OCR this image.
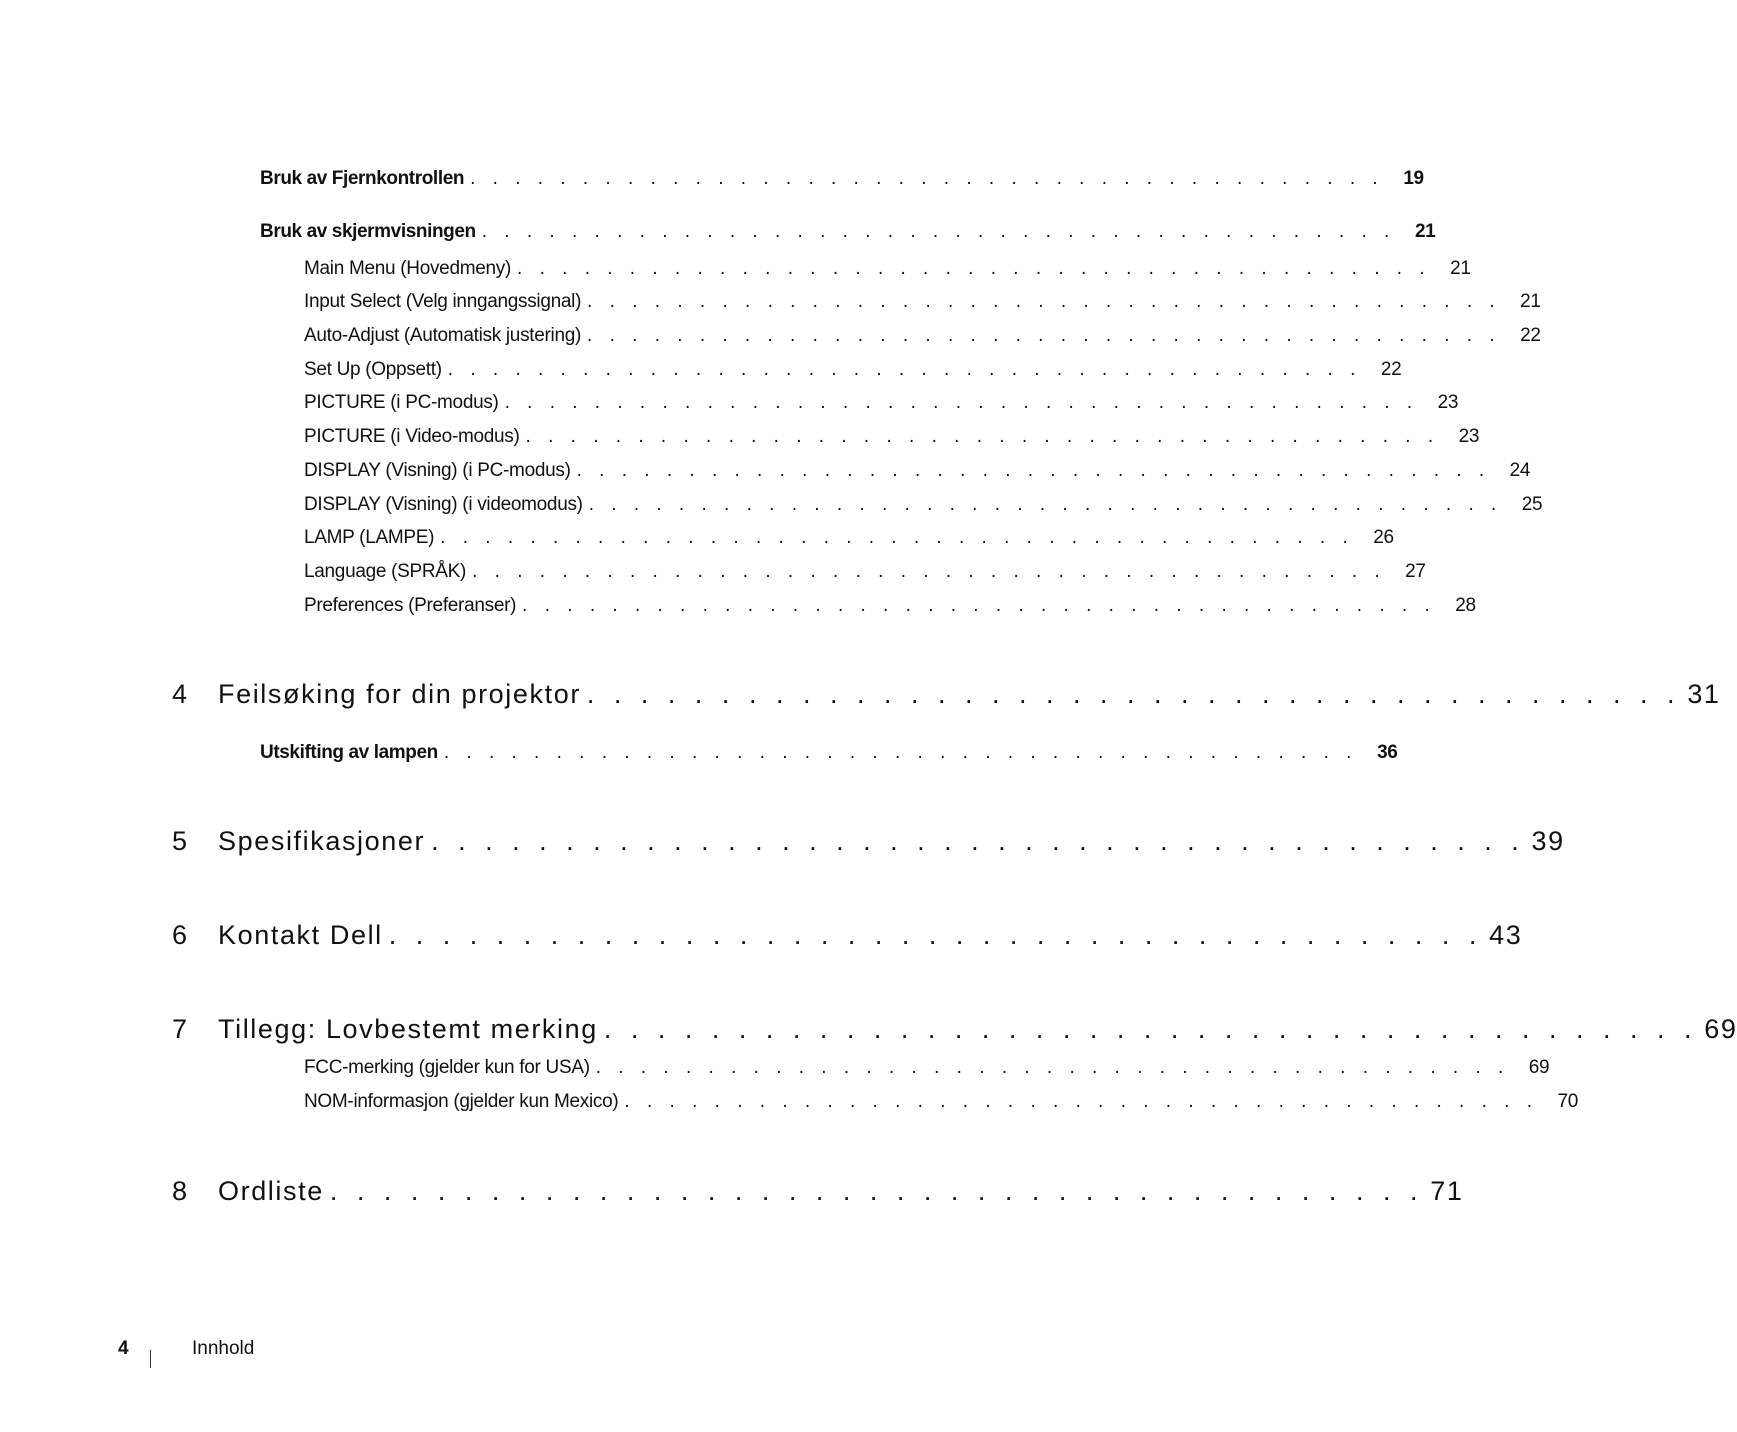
Bruk av Fjernkontrollen . . . . . . . . . . . . . . . . . . . . . . . . . . . . . . . . . . . . . . . . .	19
Bruk av skjermvisningen . . . . . . . . . . . . . . . . . . . . . . . . . . . . . . . . . . . . . . . . .	21
Main Menu (Hovedmeny) . . . . . . . . . . . . . . . . . . . . . . . . . . . . . . . . . . . . . . . . .	21
Input Select (Velg inngangssignal) . . . . . . . . . . . . . . . . . . . . . . . . . . . . . . . . . . . . . . . . .	21
Auto-Adjust (Automatisk justering) . . . . . . . . . . . . . . . . . . . . . . . . . . . . . . . . . . . . . . . . .	22
Set Up (Oppsett) . . . . . . . . . . . . . . . . . . . . . . . . . . . . . . . . . . . . . . . . .	22
PICTURE (i PC-modus) . . . . . . . . . . . . . . . . . . . . . . . . . . . . . . . . . . . . . . . . .	23
PICTURE (i Video-modus) . . . . . . . . . . . . . . . . . . . . . . . . . . . . . . . . . . . . . . . . .	23
DISPLAY (Visning) (i PC-modus) . . . . . . . . . . . . . . . . . . . . . . . . . . . . . . . . . . . . . . . . .	24
DISPLAY (Visning) (i videomodus) . . . . . . . . . . . . . . . . . . . . . . . . . . . . . . . . . . . . . . . . .	25
LAMP (LAMPE) . . . . . . . . . . . . . . . . . . . . . . . . . . . . . . . . . . . . . . . . .	26
Language (SPRÅK) . . . . . . . . . . . . . . . . . . . . . . . . . . . . . . . . . . . . . . . . .	27
Preferences (Preferanser) . . . . . . . . . . . . . . . . . . . . . . . . . . . . . . . . . . . . . . . . .	28
4	Feilsøking for din projektor . . . . . . . . . . . . . . . . . . . . . . . . . . . . . . . . . . . . . . . . . 31
Utskifting av lampen . . . . . . . . . . . . . . . . . . . . . . . . . . . . . . . . . . . . . . . . .	36
5	Spesifikasjoner . . . . . . . . . . . . . . . . . . . . . . . . . . . . . . . . . . . . . . . . . 39
6	Kontakt Dell . . . . . . . . . . . . . . . . . . . . . . . . . . . . . . . . . . . . . . . . . 43
7	Tillegg: Lovbestemt merking . . . . . . . . . . . . . . . . . . . . . . . . . . . . . . . . . . . . . . . . . 69
FCC-merking (gjelder kun for USA) . . . . . . . . . . . . . . . . . . . . . . . . . . . . . . . . . . . . . . . . .	69
NOM-informasjon (gjelder kun Mexico) . . . . . . . . . . . . . . . . . . . . . . . . . . . . . . . . . . . . . . . . .	70
8	Ordliste . . . . . . . . . . . . . . . . . . . . . . . . . . . . . . . . . . . . . . . . . 71
4	Innhold
